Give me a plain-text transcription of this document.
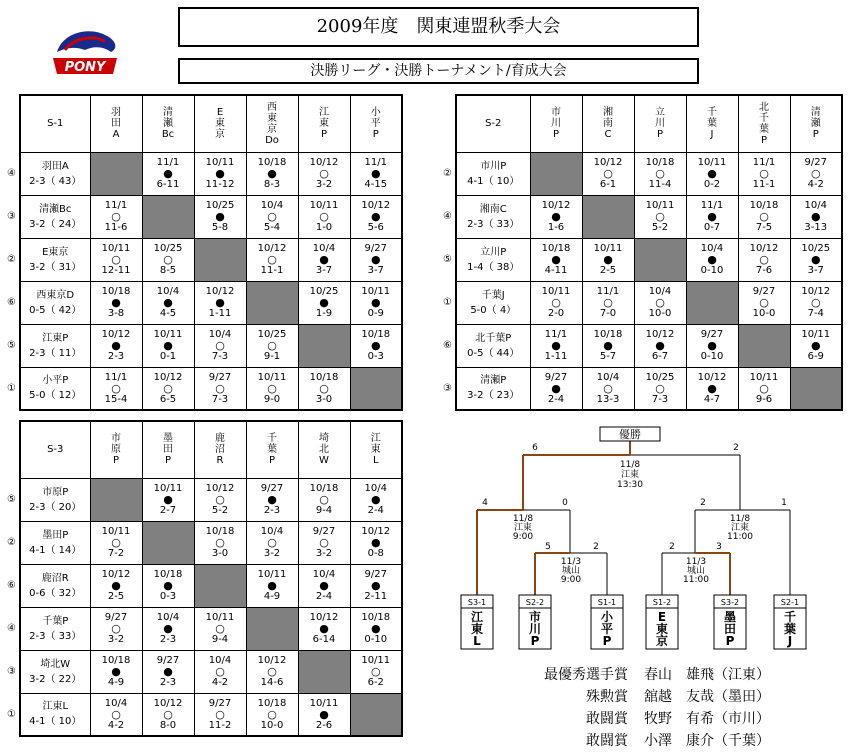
2009年度　関東連盟秋季大会
決勝リーグ・決勝トーナメント/育成大会
PONY
	S-1	羽
田
A	清
瀬
Bc	E
東
京	西
東
京
Do	江
東
P	小
平
P
④	羽田A
2-3（ 43）		11/1
●
6-11	10/11
●
11-12	10/18
●
8-3	10/12
○
3-2	11/1
●
4-15

③	清瀬Bc
3-2（ 24）	11/1
○
11-6		10/25
●
5-8	10/4
○
5-4	10/11
○
1-0	10/12
●
5-6

②	E東京
3-2（ 31）	10/11
○
12-11	10/25
○
8-5		10/12
○
11-1	10/4
●
3-7	9/27
●
3-7

⑥	西東京D
0-5（ 42）	10/18
●
3-8	10/4
●
4-5	10/12
●
1-11		10/25
●
1-9	10/11
●
0-9

⑤	江東P
2-3（ 11）	10/12
●
2-3	10/11
●
0-1	10/4
○
7-3	10/25
○
9-1		10/18
●
0-3

①	小平P
5-0（ 12）	11/1
○
15-4	10/12
○
6-5	9/27
○
7-3	10/11
○
9-0	10/18
○
3-0	

	S-2	市
川
P	湘
南
C	立
川
P	千
葉
J	北
千
葉
P	清
瀬
P
②	市川P
4-1（ 10）		10/12
○
6-1	10/18
○
11-4	10/11
●
0-2	11/1
○
11-1	9/27
○
4-2

④	湘南C
2-3（ 33）	10/12
●
1-6		10/11
○
5-2	11/1
●
0-7	10/18
○
7-5	10/4
●
3-13

⑤	立川P
1-4（ 38）	10/18
●
4-11	10/11
●
2-5		10/4
●
0-10	10/12
○
7-6	10/25
●
3-7

①	千葉J
5-0（ 4）	10/11
○
2-0	11/1
○
7-0	10/4
○
10-0		9/27
○
10-0	10/12
○
7-4

⑥	北千葉P
0-5（ 44）	11/1
●
1-11	10/18
●
5-7	10/12
●
6-7	9/27
●
0-10		10/11
●
6-9

③	清瀬P
3-2（ 23）	9/27
●
2-4	10/4
○
13-3	10/25
○
7-3	10/12
●
4-7	10/11
○
9-6	

	S-3	市
原
P	墨
田
P	鹿
沼
R	千
葉
P	埼
北
W	江
東
L
⑤	市原P
2-3（ 20）		10/11
●
2-7	10/12
○
5-2	9/27
●
2-3	10/18
○
9-4	10/4
●
2-4

②	墨田P
4-1（ 14）	10/11
○
7-2		10/18
○
3-0	10/4
○
3-2	9/27
○
3-2	10/12
●
0-8

⑥	鹿沼R
0-6（ 32）	10/12
●
2-5	10/18
●
0-3		10/11
●
4-9	10/4
●
2-4	9/27
●
2-11

④	千葉P
2-3（ 33）	9/27
○
3-2	10/4
●
2-3	10/11
○
9-4		10/12
●
6-14	10/18
●
0-10

③	埼北W
3-2（ 22）	10/18
●
4-9	9/27
●
2-3	10/4
○
4-2	10/12
○
14-6		10/11
○
6-2

①	江東L
4-1（ 10）	10/4
○
4-2	10/12
○
8-0	9/27
○
11-2	10/18
○
10-0	10/11
●
2-6	

優勝
11/8
江東
13:30
6	2
11/8
江東
9:00
4	0
11/8
江東
11:00
2	1
11/3
城山
9:00
5	2
11/3
城山
11:00
2	3
S3-1
江
東
L
S2-2
市
川
P
S1-1
小
平
P
S1-2
E
東
京
S3-2
墨
田
P
S2-1
千
葉
J
最優秀選手賞 春山　雄飛（江東）
殊勲賞 舘越　友哉（墨田）
敢闘賞 牧野　有希（市川）
敢闘賞 小澤　康介（千葉）
